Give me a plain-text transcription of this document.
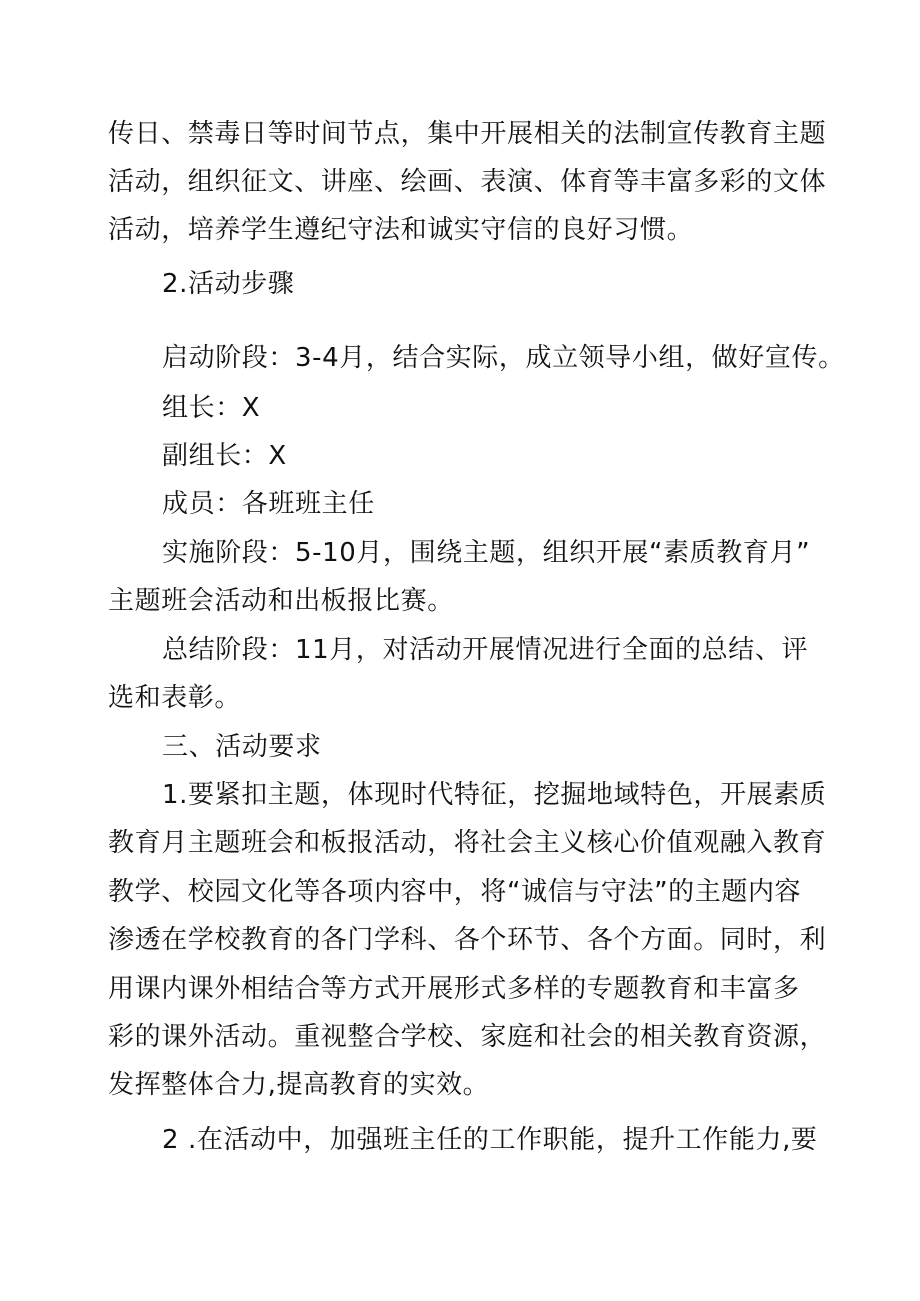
传日、禁毒日等时间节点，集中开展相关的法制宣传教育主题
活动，组织征文、讲座、绘画、表演、体育等丰富多彩的文体
活动，培养学生遵纪守法和诚实守信的良好习惯。
2.活动步骤
启动阶段：3-4月，结合实际，成立领导小组，做好宣传。
组长：X
副组长：X
成员：各班班主任
实施阶段：5-10月，围绕主题，组织开展“素质教育月”
主题班会活动和出板报比赛。
总结阶段：11月，对活动开展情况进行全面的总结、评
选和表彰。
三、活动要求
1.要紧扣主题，体现时代特征，挖掘地域特色，开展素质
教育月主题班会和板报活动，将社会主义核心价值观融入教育
教学、校园文化等各项内容中，将“诚信与守法”的主题内容
渗透在学校教育的各门学科、各个环节、各个方面。同时，利
用课内课外相结合等方式开展形式多样的专题教育和丰富多
彩的课外活动。重视整合学校、家庭和社会的相关教育资源，
发挥整体合力,提高教育的实效。
2 .在活动中，加强班主任的工作职能，提升工作能力,要
